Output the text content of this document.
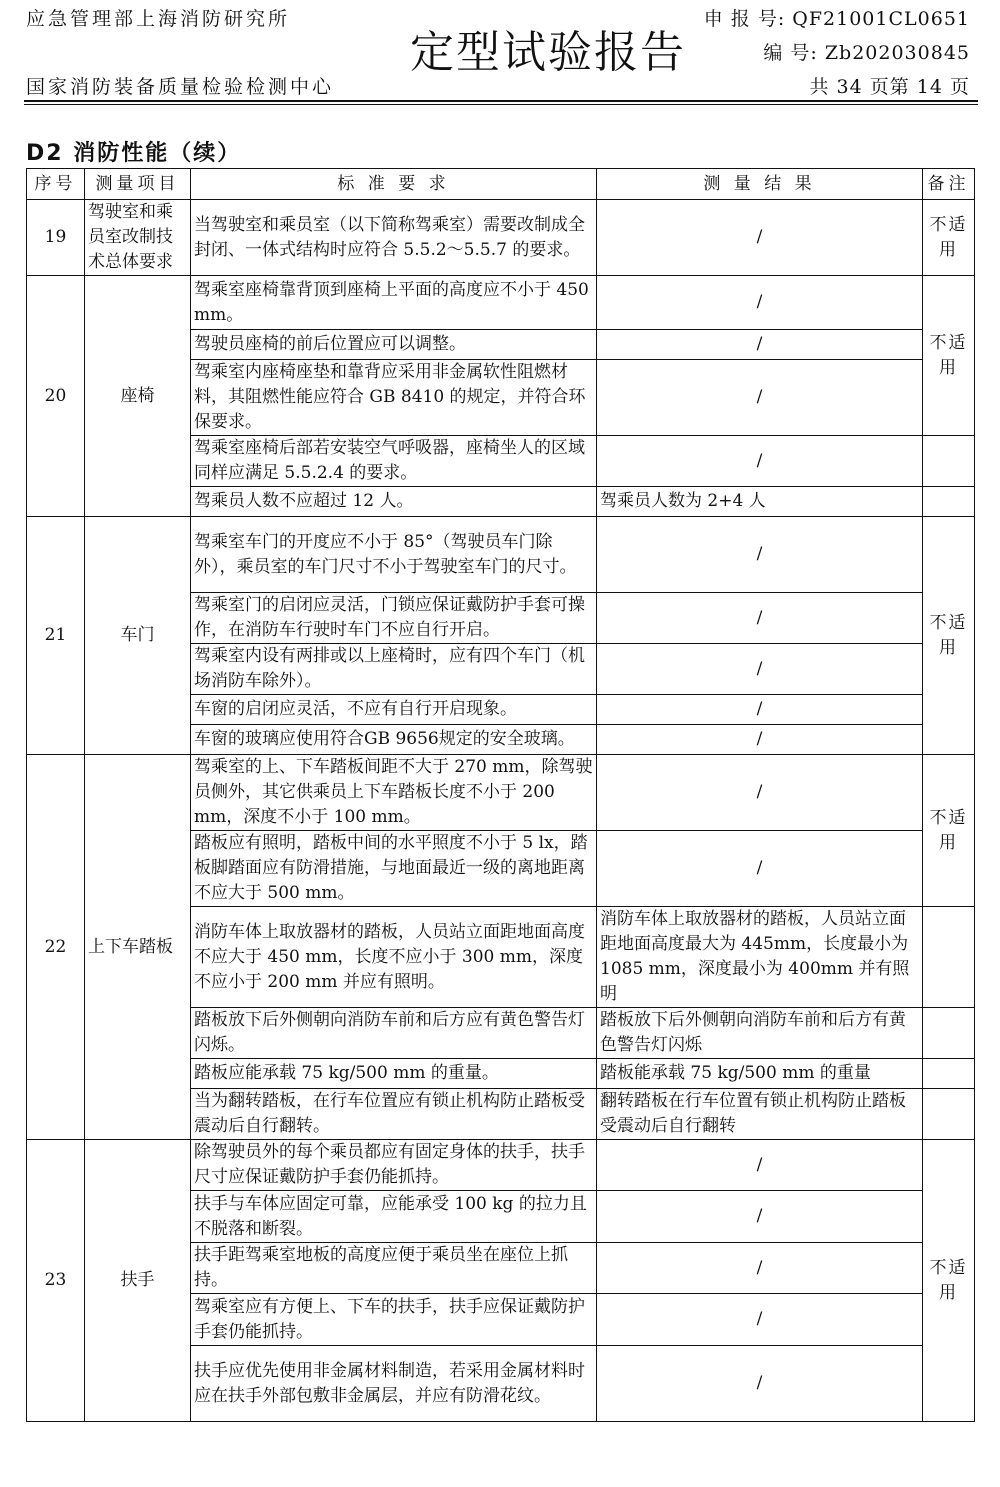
应急管理部上海消防研究所
定型试验报告
申 报 号: QF21001CL0651
编 号: Zb202030845
国家消防装备质量检验检测中心	共 34 页第 14 页
D2 消防性能（续）
序号	测量项目	标 准 要 求	测 量 结 果	备注
19	驾驶室和乘员室改制技术总体要求	当驾驶室和乘员室（以下简称驾乘室）需要改制成全封闭、一体式结构时应符合 5.5.2～5.5.7 的要求。	/	不适用
20	座椅	驾乘室座椅靠背顶到座椅上平面的高度应不小于 450 mm。	/	不适用
		驾驶员座椅的前后位置应可以调整。	/	
		驾乘室内座椅座垫和靠背应采用非金属软性阻燃材料，其阻燃性能应符合 GB 8410 的规定，并符合环保要求。	/	
		驾乘室座椅后部若安装空气呼吸器，座椅坐人的区域同样应满足 5.5.2.4 的要求。	/	
		驾乘员人数不应超过 12 人。	驾乘员人数为 2+4 人	
21	车门	驾乘室车门的开度应不小于 85°（驾驶员车门除外），乘员室的车门尺寸不小于驾驶室车门的尺寸。	/	不适用
		驾乘室门的启闭应灵活，门锁应保证戴防护手套可操作，在消防车行驶时车门不应自行开启。	/	
		驾乘室内设有两排或以上座椅时，应有四个车门（机场消防车除外）。	/	
		车窗的启闭应灵活，不应有自行开启现象。	/	
		车窗的玻璃应使用符合GB 9656规定的安全玻璃。	/	
22	上下车踏板	驾乘室的上、下车踏板间距不大于 270 mm，除驾驶员侧外，其它供乘员上下车踏板长度不小于 200 mm，深度不小于 100 mm。	/	不适用
		踏板应有照明，踏板中间的水平照度不小于 5 lx，踏板脚踏面应有防滑措施，与地面最近一级的离地距离不应大于 500 mm。	/	
		消防车体上取放器材的踏板，人员站立面距地面高度不应大于 450 mm，长度不应小于 300 mm，深度不应小于 200 mm 并应有照明。	消防车体上取放器材的踏板，人员站立面距地面高度最大为 445mm，长度最小为 1085 mm，深度最小为 400mm 并有照明	
		踏板放下后外侧朝向消防车前和后方应有黄色警告灯闪烁。	踏板放下后外侧朝向消防车前和后方有黄色警告灯闪烁	
		踏板应能承载 75 kg/500 mm 的重量。	踏板能承载 75 kg/500 mm 的重量	
		当为翻转踏板，在行车位置应有锁止机构防止踏板受震动后自行翻转。	翻转踏板在行车位置有锁止机构防止踏板受震动后自行翻转	
23	扶手	除驾驶员外的每个乘员都应有固定身体的扶手，扶手尺寸应保证戴防护手套仍能抓持。	/	不适用
		扶手与车体应固定可靠，应能承受 100 kg 的拉力且不脱落和断裂。	/	
		扶手距驾乘室地板的高度应便于乘员坐在座位上抓持。	/	
		驾乘室应有方便上、下车的扶手，扶手应保证戴防护手套仍能抓持。	/	
		扶手应优先使用非金属材料制造，若采用金属材料时应在扶手外部包敷非金属层，并应有防滑花纹。	/	
